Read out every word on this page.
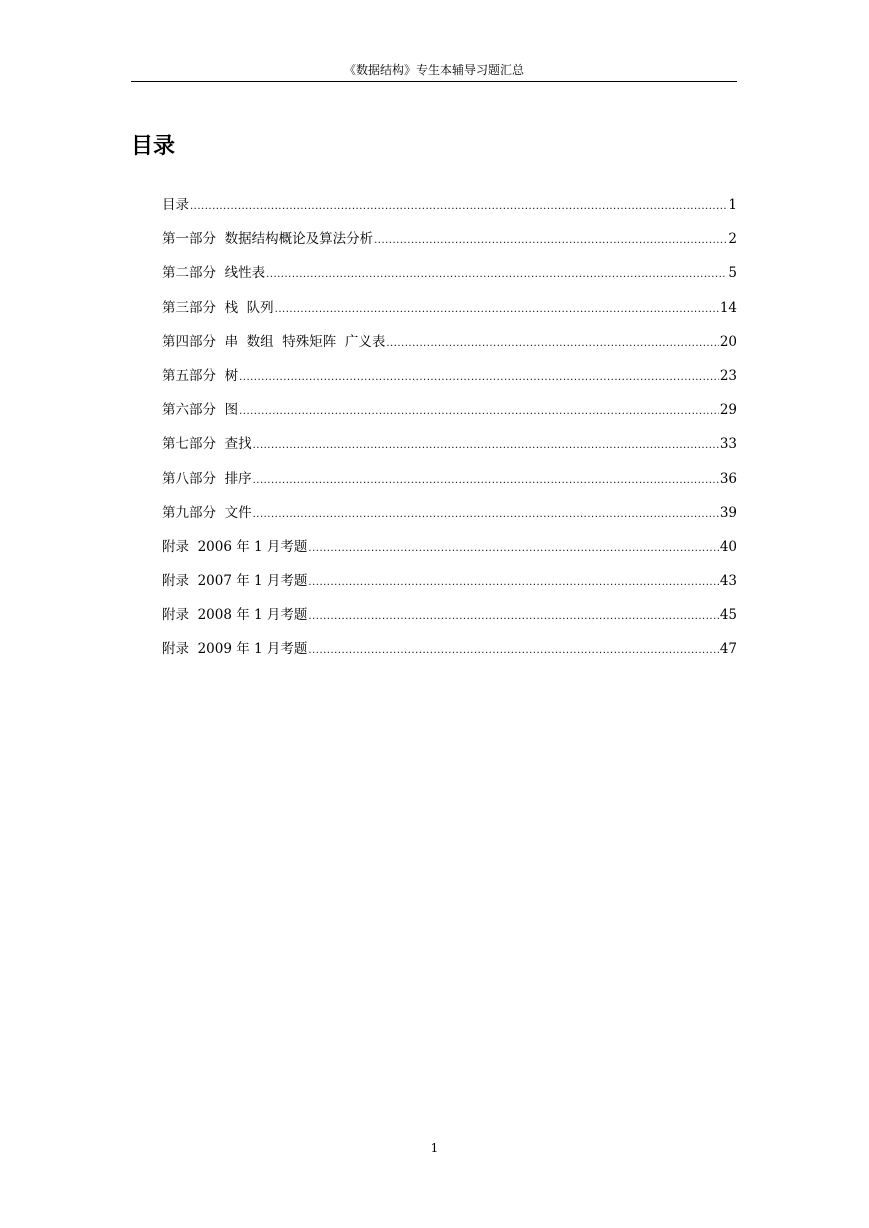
《数据结构》专生本辅导习题汇总
目录
目录 .....	1
第一部分  数据结构概论及算法分析 .....	2
第二部分  线性表 .....	5
第三部分  栈  队列 .....	14
第四部分  串  数组  特殊矩阵  广义表 .....	20
第五部分  树 .....	23
第六部分  图 .....	29
第七部分  查找 .....	33
第八部分  排序 .....	36
第九部分  文件 .....	39
附录  2006 年 1 月考题 .....	40
附录  2007 年 1 月考题 .....	43
附录  2008 年 1 月考题 .....	45
附录  2009 年 1 月考题 .....	47
1
